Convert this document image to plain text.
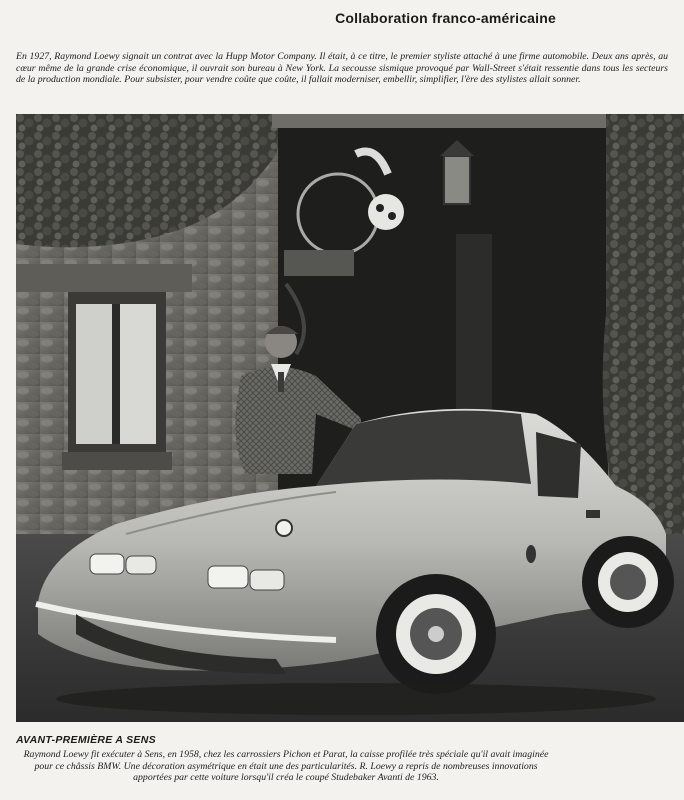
Collaboration franco-américaine

En 1927, Raymond Loewy signait un contrat avec la Hupp Motor Company. Il était, à ce titre, le premier styliste attaché à une firme automobile. Deux ans après, au cœur même de la grande crise économique, il ouvrait son bureau à New York. La secousse sismique provoqué par Wall-Street s'était ressentie dans tous les secteurs de la production mondiale. Pour subsister, pour vendre coûte que coûte, il fallait moderniser, embellir, simplifier, l'ère des stylistes allait sonner.

AVANT-PREMIÈRE A SENS

Raymond Loewy fit exécuter à Sens, en 1958, chez les carrossiers Pichon et Parat, la caisse profilée très spéciale qu'il avait imaginée pour ce châssis BMW. Une décoration asymétrique en était une des particularités. R. Loewy a repris de nombreuses innovations apportées par cette voiture lorsqu'il créa le coupé Studebaker Avanti de 1963.
